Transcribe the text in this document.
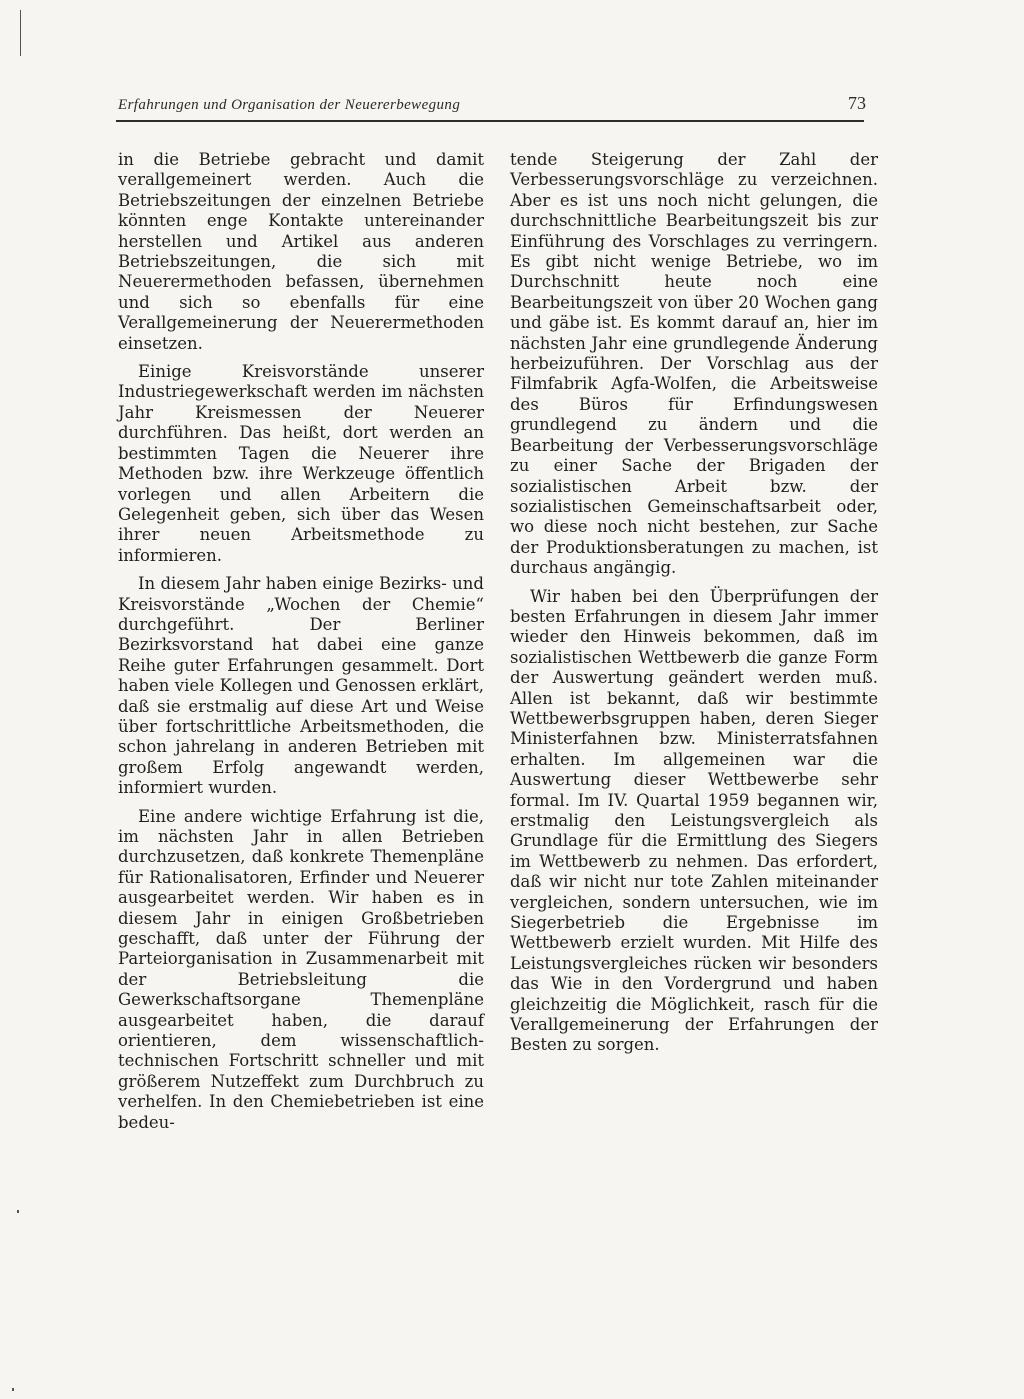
Erfahrungen und Organisation der Neuererbewegung	73

in die Betriebe gebracht und damit verallgemeinert werden. Auch die Betriebszeitungen der einzelnen Betriebe könnten enge Kontakte untereinander herstellen und Artikel aus anderen Betriebszeitungen, die sich mit Neuerermethoden befassen, übernehmen und sich so ebenfalls für eine Verallgemeinerung der Neuerermethoden einsetzen.

Einige Kreisvorstände unserer Industriegewerkschaft werden im nächsten Jahr Kreismessen der Neuerer durchführen. Das heißt, dort werden an bestimmten Tagen die Neuerer ihre Methoden bzw. ihre Werkzeuge öffentlich vorlegen und allen Arbeitern die Gelegenheit geben, sich über das Wesen ihrer neuen Arbeitsmethode zu informieren.

In diesem Jahr haben einige Bezirks- und Kreisvorstände „Wochen der Chemie“ durchgeführt. Der Berliner Bezirksvorstand hat dabei eine ganze Reihe guter Erfahrungen gesammelt. Dort haben viele Kollegen und Genossen erklärt, daß sie erstmalig auf diese Art und Weise über fortschrittliche Arbeitsmethoden, die schon jahrelang in anderen Betrieben mit großem Erfolg angewandt werden, informiert wurden.

Eine andere wichtige Erfahrung ist die, im nächsten Jahr in allen Betrieben durchzusetzen, daß konkrete Themenpläne für Rationalisatoren, Erfinder und Neuerer ausgearbeitet werden. Wir haben es in diesem Jahr in einigen Großbetrieben geschafft, daß unter der Führung der Parteiorganisation in Zusammenarbeit mit der Betriebsleitung die Gewerkschaftsorgane Themenpläne ausgearbeitet haben, die darauf orientieren, dem wissenschaftlich-technischen Fortschritt schneller und mit größerem Nutzeffekt zum Durchbruch zu verhelfen. In den Chemiebetrieben ist eine bedeu-

tende Steigerung der Zahl der Verbesserungsvorschläge zu verzeichnen. Aber es ist uns noch nicht gelungen, die durchschnittliche Bearbeitungszeit bis zur Einführung des Vorschlages zu verringern. Es gibt nicht wenige Betriebe, wo im Durchschnitt heute noch eine Bearbeitungszeit von über 20 Wochen gang und gäbe ist. Es kommt darauf an, hier im nächsten Jahr eine grundlegende Änderung herbeizuführen. Der Vorschlag aus der Filmfabrik Agfa-Wolfen, die Arbeitsweise des Büros für Erfindungswesen grundlegend zu ändern und die Bearbeitung der Verbesserungsvorschläge zu einer Sache der Brigaden der sozialistischen Arbeit bzw. der sozialistischen Gemeinschaftsarbeit oder, wo diese noch nicht bestehen, zur Sache der Produktionsberatungen zu machen, ist durchaus angängig.

Wir haben bei den Überprüfungen der besten Erfahrungen in diesem Jahr immer wieder den Hinweis bekommen, daß im sozialistischen Wettbewerb die ganze Form der Auswertung geändert werden muß. Allen ist bekannt, daß wir bestimmte Wettbewerbsgruppen haben, deren Sieger Ministerfahnen bzw. Ministerratsfahnen erhalten. Im allgemeinen war die Auswertung dieser Wettbewerbe sehr formal. Im IV. Quartal 1959 begannen wir, erstmalig den Leistungsvergleich als Grundlage für die Ermittlung des Siegers im Wettbewerb zu nehmen. Das erfordert, daß wir nicht nur tote Zahlen miteinander vergleichen, sondern untersuchen, wie im Siegerbetrieb die Ergebnisse im Wettbewerb erzielt wurden. Mit Hilfe des Leistungsvergleiches rücken wir besonders das Wie in den Vordergrund und haben gleichzeitig die Möglichkeit, rasch für die Verallgemeinerung der Erfahrungen der Besten zu sorgen.
